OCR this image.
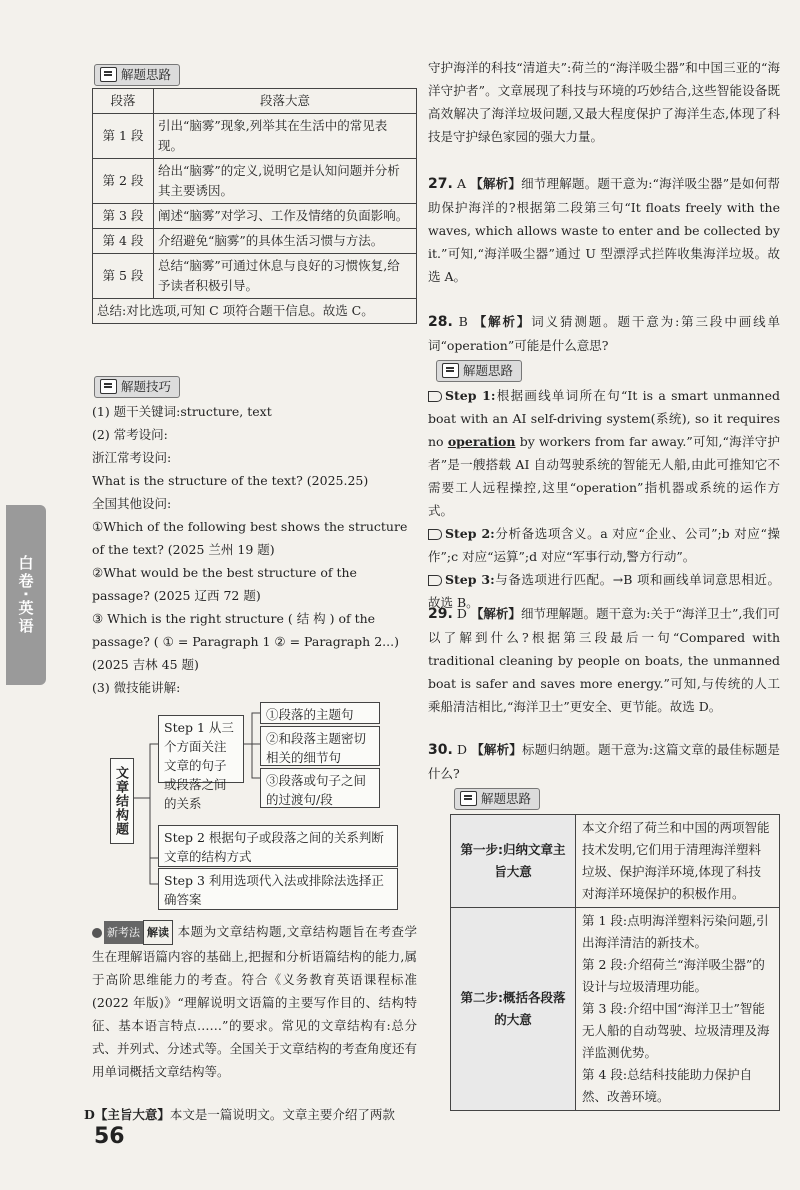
白卷·英语
56
解题思路
段落	段落大意
第 1 段	引出“脑雾”现象,列举其在生活中的常见表现。
第 2 段	给出“脑雾”的定义,说明它是认知问题并分析其主要诱因。
第 3 段	阐述“脑雾”对学习、工作及情绪的负面影响。
第 4 段	介绍避免“脑雾”的具体生活习惯与方法。
第 5 段	总结“脑雾”可通过休息与良好的习惯恢复,给予读者积极引导。
总结:对比选项,可知 C 项符合题干信息。故选 C。	
解题技巧

(1) 题干关键词:structure, text

(2) 常考设问:

浙江常考设问:

What is the structure of the text? (2025.25)

全国其他设问:

①Which of the following best shows the structure of the text? (2025 兰州 19 题)

②What would be the best structure of the passage? (2025 辽西 72 题)

③ Which is the right structure ( 结 构 ) of the passage? ( ① = Paragraph 1 ② = Paragraph 2...)

(2025 吉林 45 题)

(3) 微技能讲解:

文章结构题
Step 1 从三个方面关注文章的句子或段落之间的关系
①段落的主题句
②和段落主题密切相关的细节句
③段落或句子之间的过渡句/段
Step 2 根据句子或段落之间的关系判断文章的结构方式
Step 3 利用选项代入法或排除法选择正确答案

新考法 解读 本题为文章结构题,文章结构题旨在考查学生在理解语篇内容的基础上,把握和分析语篇结构的能力,属于高阶思维能力的考查。符合《义务教育英语课程标准(2022 年版)》“理解说明文语篇的主要写作目的、结构特征、基本语言特点……”的要求。常见的文章结构有:总分式、并列式、分述式等。全国关于文章结构的考查角度还有用单词概括文章结构等。

D【主旨大意】本文是一篇说明文。文章主要介绍了两款

守护海洋的科技“清道夫”:荷兰的“海洋吸尘器”和中国三亚的“海洋守护者”。文章展现了科技与环境的巧妙结合,这些智能设备既高效解决了海洋垃圾问题,又最大程度保护了海洋生态,体现了科技是守护绿色家园的强大力量。

27. A 【解析】细节理解题。题干意为:“海洋吸尘器”是如何帮助保护海洋的?根据第二段第三句“It floats freely with the waves, which allows waste to enter and be collected by it.”可知,“海洋吸尘器”通过 U 型漂浮式拦阵收集海洋垃圾。故选 A。

28. B 【解析】词义猜测题。题干意为:第三段中画线单词“operation”可能是什么意思?

解题思路

Step 1:根据画线单词所在句“It is a smart unmanned boat with an AI self-driving system(系统), so it requires no operation by workers from far away.”可知,“海洋守护者”是一艘搭载 AI 自动驾驶系统的智能无人船,由此可推知它不需要工人远程操控,这里“operation”指机器或系统的运作方式。

Step 2:分析备选项含义。a 对应“企业、公司”;b 对应“操作”;c 对应“运算”;d 对应“军事行动,警方行动”。

Step 3:与备选项进行匹配。→B 项和画线单词意思相近。故选 B。

29. D 【解析】细节理解题。题干意为:关于“海洋卫士”,我们可以了解到什么?根据第三段最后一句“Compared with traditional cleaning by people on boats, the unmanned boat is safer and saves more energy.”可知,与传统的人工乘船清洁相比,“海洋卫士”更安全、更节能。故选 D。

30. D 【解析】标题归纳题。题干意为:这篇文章的最佳标题是什么?

解题思路
第一步:归纳文章主旨大意	本文介绍了荷兰和中国的两项智能技术发明,它们用于清理海洋塑料垃圾、保护海洋环境,体现了科技对海洋环境保护的积极作用。
第二步:概括各段落的大意	第 1 段:点明海洋塑料污染问题,引出海洋清洁的新技术。
第 2 段:介绍荷兰“海洋吸尘器”的设计与垃圾清理功能。
第 3 段:介绍中国“海洋卫士”智能无人船的自动驾驶、垃圾清理及海洋监测优势。
第 4 段:总结科技能助力保护自然、改善环境。
